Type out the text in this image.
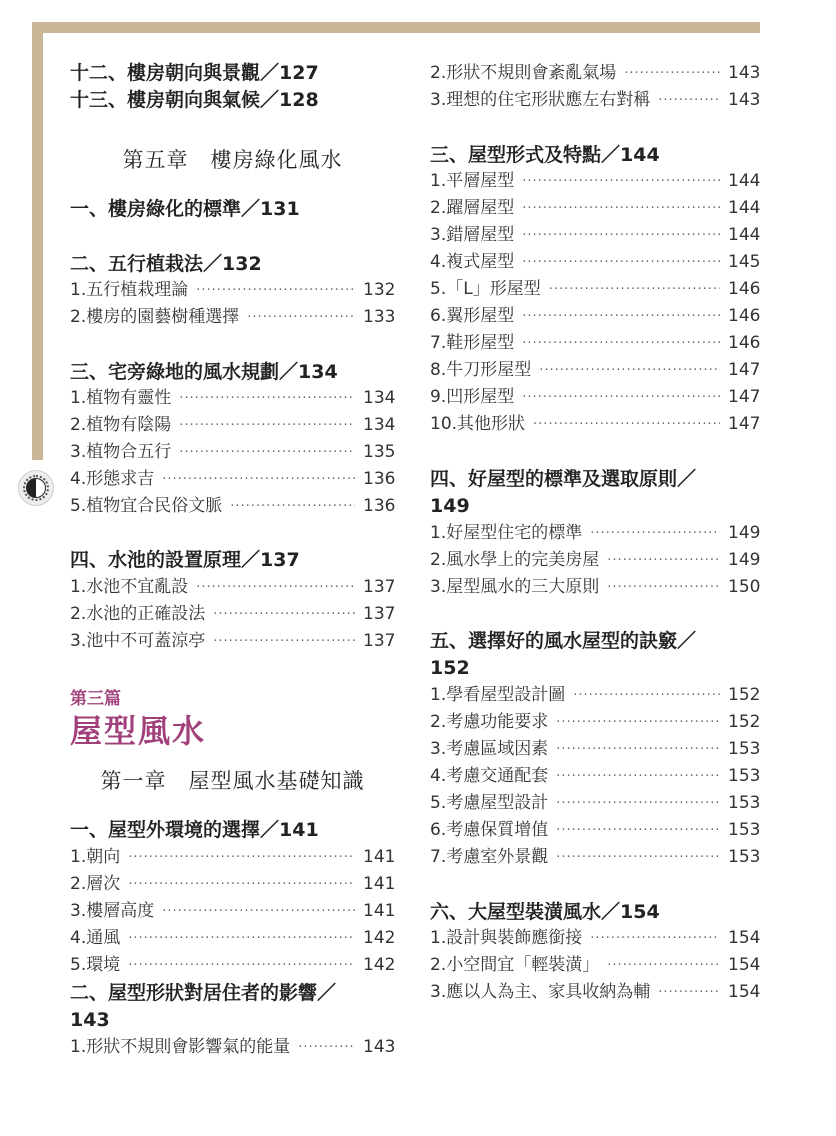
十二、樓房朝向與景觀／127
十三、樓房朝向與氣候／128
第五章　樓房綠化風水
一、樓房綠化的標準／131
二、五行植栽法／132
1.五行植栽理論 ·····	132
2.樓房的園藝樹種選擇 ·····	133
三、宅旁綠地的風水規劃／134
1.植物有靈性 ·····	134
2.植物有陰陽 ·····	134
3.植物合五行 ·····	135
4.形態求吉 ·····	136
5.植物宜合民俗文脈 ·····	136
四、水池的設置原理／137
1.水池不宜亂設 ·····	137
2.水池的正確設法 ·····	137
3.池中不可蓋涼亭 ·····	137
第三篇
屋型風水
第一章　屋型風水基礎知識
一、屋型外環境的選擇／141
1.朝向 ·····	141
2.層次 ·····	141
3.樓層高度 ·····	141
4.通風 ·····	142
5.環境 ·····	142
二、屋型形狀對居住者的影響／
143
1.形狀不規則會影響氣的能量 ·····	143
2.形狀不規則會紊亂氣場 ·····	143
3.理想的住宅形狀應左右對稱 ·····	143
三、屋型形式及特點／144
1.平層屋型 ·····	144
2.躍層屋型 ·····	144
3.錯層屋型 ·····	144
4.複式屋型 ·····	145
5.「L」形屋型 ·····	146
6.翼形屋型 ·····	146
7.鞋形屋型 ·····	146
8.牛刀形屋型 ·····	147
9.凹形屋型 ·····	147
10.其他形狀 ·····	147
四、好屋型的標準及選取原則／
149
1.好屋型住宅的標準 ·····	149
2.風水學上的完美房屋 ·····	149
3.屋型風水的三大原則 ·····	150
五、選擇好的風水屋型的訣竅／
152
1.學看屋型設計圖 ·····	152
2.考慮功能要求 ·····	152
3.考慮區域因素 ·····	153
4.考慮交通配套 ·····	153
5.考慮屋型設計 ·····	153
6.考慮保質增值 ·····	153
7.考慮室外景觀 ·····	153
六、大屋型裝潢風水／154
1.設計與裝飾應銜接 ·····	154
2.小空間宜「輕裝潢」 ·····	154
3.應以人為主、家具收納為輔 ·····	154
